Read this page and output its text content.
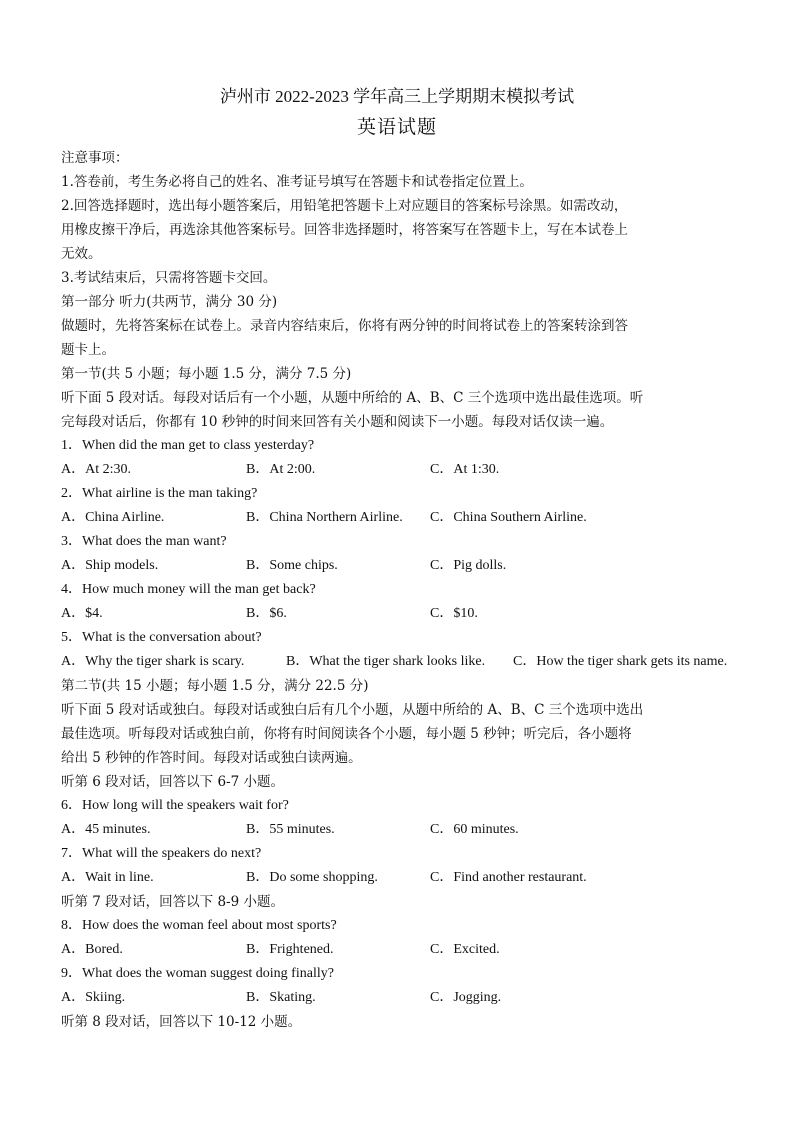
泸州市 2022-2023 学年高三上学期期末模拟考试
英语试题
注意事项：
1.答卷前，考生务必将自己的姓名、准考证号填写在答题卡和试卷指定位置上。
2.回答选择题时，选出每小题答案后，用铅笔把答题卡上对应题目的答案标号涂黑。如需改动，
用橡皮擦干净后，再选涂其他答案标号。回答非选择题时，将答案写在答题卡上，写在本试卷上
无效。
3.考试结束后，只需将答题卡交回。
第一部分 听力(共两节，满分 30 分)
做题时，先将答案标在试卷上。录音内容结束后，你将有两分钟的时间将试卷上的答案转涂到答
题卡上。
第一节(共 5 小题；每小题 1.5 分，满分 7.5 分)
听下面 5 段对话。每段对话后有一个小题，从题中所给的 A、B、C 三个选项中选出最佳选项。听
完每段对话后，你都有 10 秒钟的时间来回答有关小题和阅读下一小题。每段对话仅读一遍。
1．When did the man get to class yesterday?
A．At 2:30.	B．At 2:00.	C．At 1:30.
2．What airline is the man taking?
A．China Airline.	B．China Northern Airline. C．China Southern Airline.
3．What does the man want?
A．Ship models.	B．Some chips.	C．Pig dolls.
4．How much money will the man get back?
A．$4.	B．$6.	C．$10.
5．What is the conversation about?
A．Why the tiger shark is scary.	B．What the tiger shark looks like. C．How the tiger shark gets its name.
第二节(共 15 小题；每小题 1.5 分，满分 22.5 分)
听下面 5 段对话或独白。每段对话或独白后有几个小题，从题中所给的 A、B、C 三个选项中选出
最佳选项。听每段对话或独白前，你将有时间阅读各个小题，每小题 5 秒钟；听完后，各小题将
给出 5 秒钟的作答时间。每段对话或独白读两遍。
听第 6 段对话，回答以下 6-7 小题。
6．How long will the speakers wait for?
A．45 minutes.	B．55 minutes.	C．60 minutes.
7．What will the speakers do next?
A．Wait in line.	B．Do some shopping.	C．Find another restaurant.
听第 7 段对话，回答以下 8-9 小题。
8．How does the woman feel about most sports?
A．Bored.	B．Frightened.	C．Excited.
9．What does the woman suggest doing finally?
A．Skiing.	B．Skating.	C．Jogging.
听第 8 段对话，回答以下 10-12 小题。
